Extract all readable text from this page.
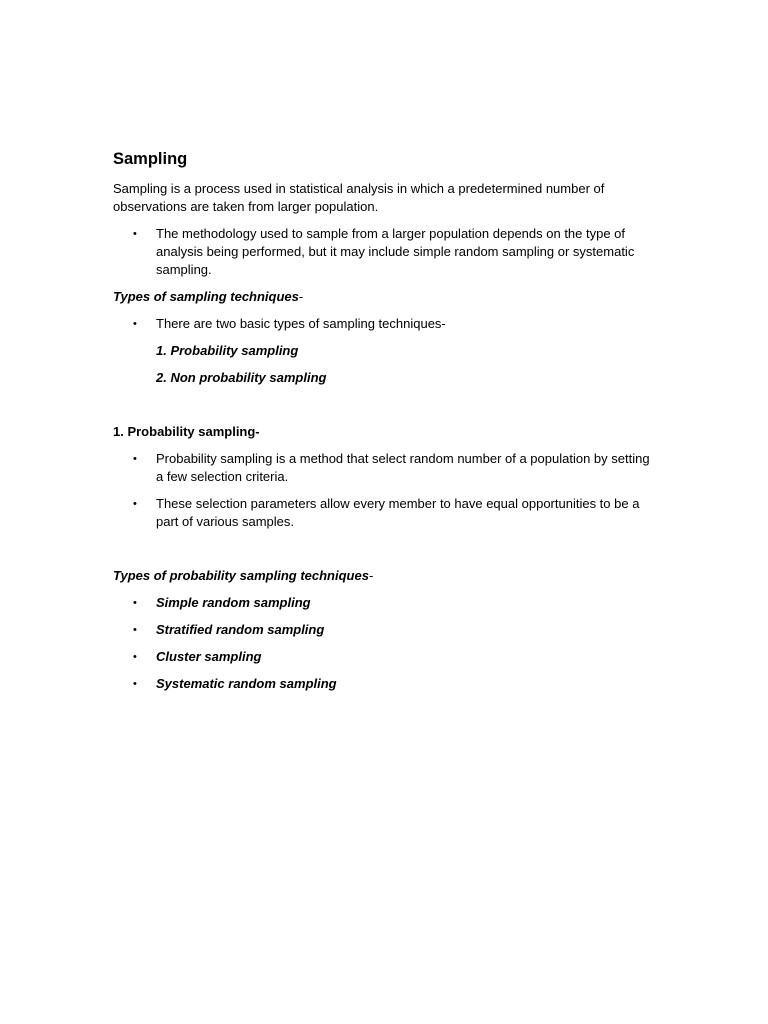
Sampling

Sampling is a process used in statistical analysis in which a predetermined number of observations are taken from larger population.

• The methodology used to sample from a larger population depends on the type of analysis being performed, but it may include simple random sampling or systematic sampling.
Types of sampling techniques-
• There are two basic types of sampling techniques-
1. Probability sampling
2. Non probability sampling
1. Probability sampling-
• Probability sampling is a method that select random number of a population by setting a few selection criteria.
• These selection parameters allow every member to have equal opportunities to be a part of various samples.
Types of probability sampling techniques-
• Simple random sampling
• Stratified random sampling
• Cluster sampling
• Systematic random sampling
